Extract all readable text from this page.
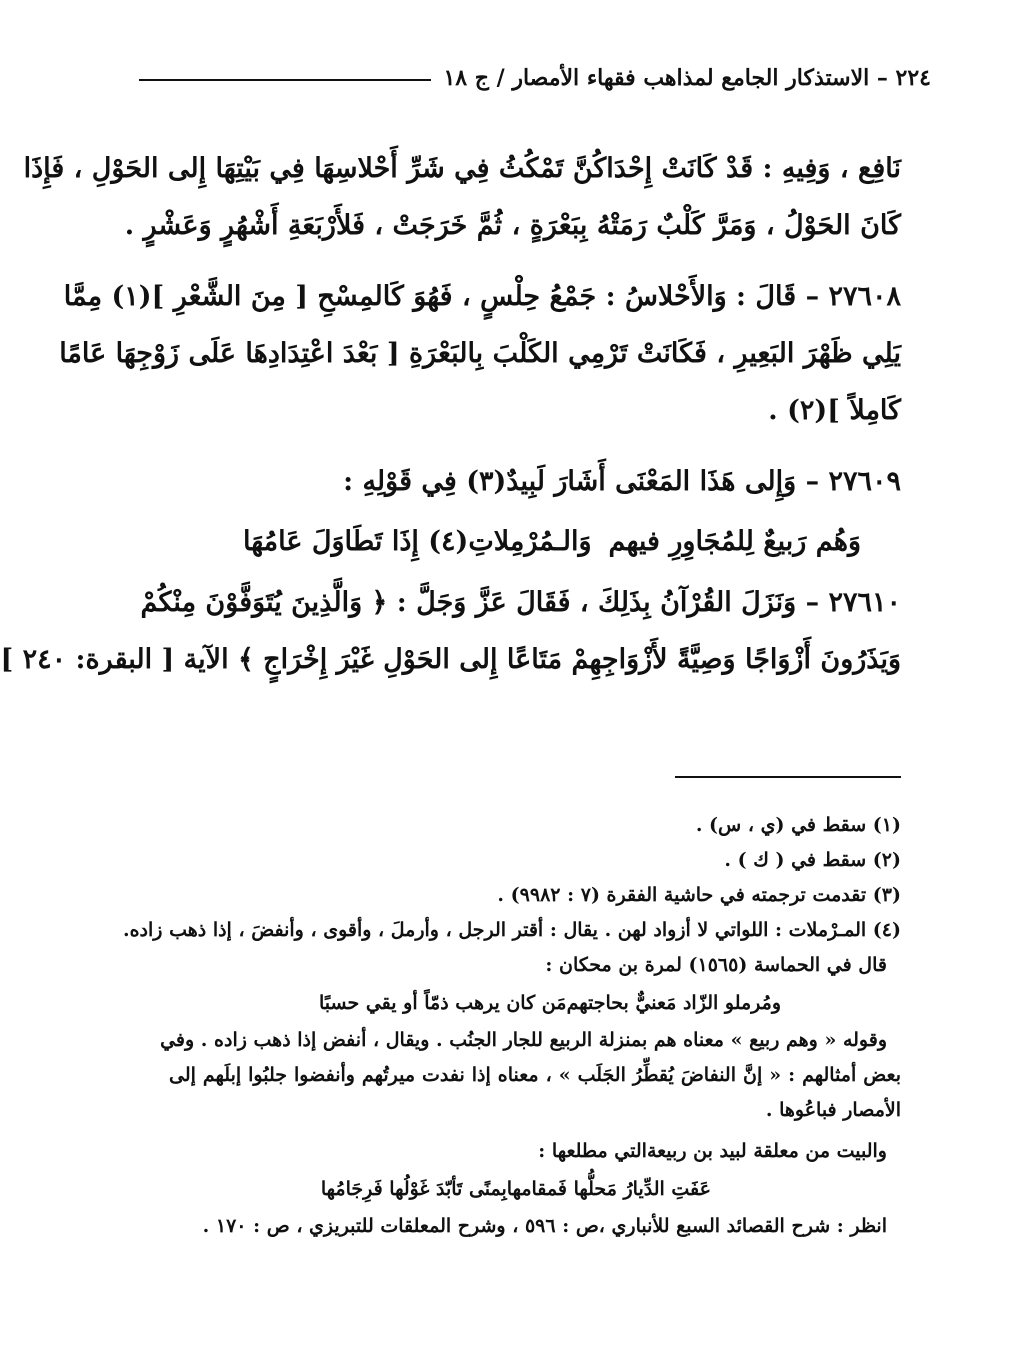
٢٢٤ – الاستذكار الجامع لمذاهب فقهاء الأمصار / ج ١٨
نَافِع ، وَفِيهِ : قَدْ كَانَتْ إِحْدَاكُنَّ تَمْكُثُ فِي شَرِّ أَحْلاسِهَا فِي بَيْتِهَا إِلى الحَوْلِ ، فَإِذَا
كَانَ الحَوْلُ ، وَمَرَّ كَلْبٌ رَمَتْهُ بِبَعْرَةٍ ، ثُمَّ خَرَجَتْ ، فَلأَرْبَعَةِ أَشْهُرٍ وَعَشْرٍ .
٢٧٦٠٨ – قَالَ : وَالأَحْلاسُ : جَمْعُ حِلْسٍ ، فَهُوَ كَالمِسْحِ [ مِنَ الشَّعْرِ ](١) مِمَّا
يَلِي ظَهْرَ البَعِيرِ ، فَكَانَتْ تَرْمِي الكَلْبَ بِالبَعْرَةِ [ بَعْدَ اعْتِدَادِهَا عَلَى زَوْجِهَا عَامًا
كَامِلاً ](٢) .
٢٧٦٠٩ – وَإِلى هَذَا المَعْنَى أَشَارَ لَبِيدٌ(٣) فِي قَوْلِهِ :
وَهُم رَبيعٌ لِلمُجَاوِرِ فيهم
وَالـمُرْمِلاتِ(٤) إِذَا تَطَاوَلَ عَامُهَا
٢٧٦١٠ – وَنَزَلَ القُرْآنُ بِذَلِكَ ، فَقَالَ عَزَّ وَجَلَّ : ﴿ وَالَّذِينَ يُتَوَفَّوْنَ مِنْكُمْ
وَيَذَرُونَ أَزْوَاجًا وَصِيَّةً لأَزْوَاجِهِمْ مَتَاعًا إِلى الحَوْلِ غَيْرَ إِخْرَاجٍ ﴾ الآية [ البقرة: ٢٤٠ ]
(١) سقط في (ي ، س) .
(٢) سقط في ( ك ) .
(٣) تقدمت ترجمته في حاشية الفقرة (٧ : ٩٩٨٢) .
(٤) المـرْملات : اللواتي لا أزواد لهن . يقال : أقتر الرجل ، وأرملَ ، وأقوى ، وأنفضَ ، إذا ذهب زاده.
قال في الحماسة (١٥٦٥) لمرة بن محكان :
ومُرملو الزّاد مَعنيٌّ بحاجتهم
مَن كان يرهب ذمّاً أو يقي حسبًا
وقوله « وهم ربيع » معناه هم بمنزلة الربيع للجار الجنُب . ويقال ، أنفض إذا ذهب زاده . وفي
بعض أمثالهم : « إنَّ النفاضَ يُقطِّرُ الجَلَب » ، معناه إذا نفدت ميرتُهم وأنفضوا جلبُوا إبلَهم إلى
الأمصار فباعُوها .
والبيت من معلقة لبيد بن ربيعةالتي مطلعها :
عَفَتِ الدِّيارُ مَحلُّها فَمقامها
بِمنًى تَأبّدَ غَوْلُها فَرِجَامُها
انظر : شرح القصائد السبع للأنباري ،ص : ٥٩٦ ، وشرح المعلقات للتبريزي ، ص : ١٧٠ .
